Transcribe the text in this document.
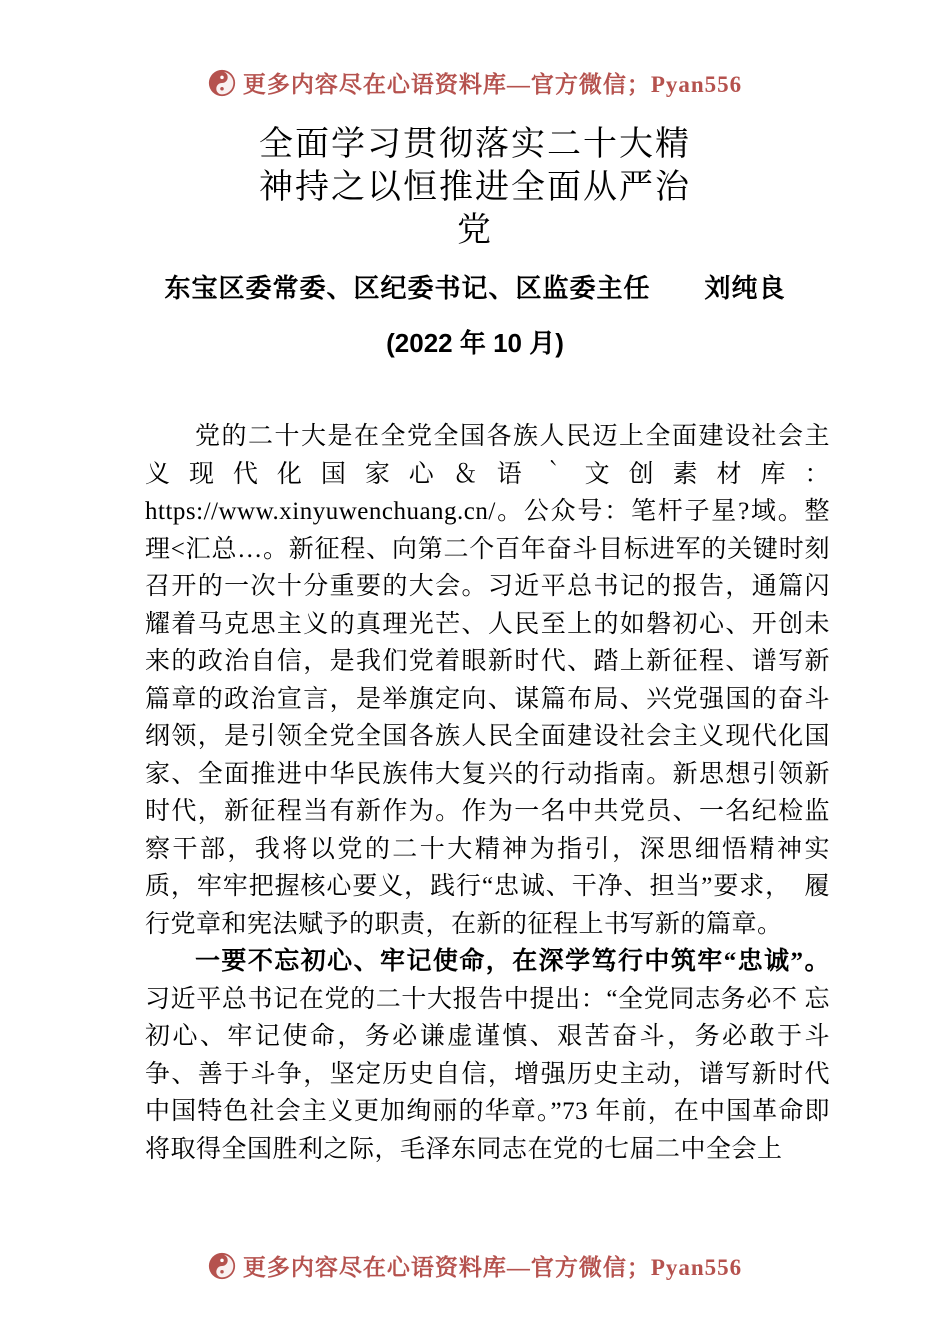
更多内容尽在心语资料库—官方微信；Pyan556
全面学习贯彻落实二十大精神持之以恒推进全面从严治党
东宝区委常委、区纪委书记、区监委主任　　刘纯良
(2022 年 10 月)

党的二十大是在全党全国各族人民迈上全面建设社会主义现代化国家心＆语｀文创素材库：https://www.xinyuwenchuang.cn/。公众号：笔杆子星?域。整理<汇总…。新征程、向第二个百年奋斗目标进军的关键时刻召开的一次十分重要的大会。习近平总书记的报告，通篇闪耀着马克思主义的真理光芒、人民至上的如磐初心、开创未来的政治自信，是我们党着眼新时代、踏上新征程、谱写新篇章的政治宣言，是举旗定向、谋篇布局、兴党强国的奋斗纲领，是引领全党全国各族人民全面建设社会主义现代化国家、全面推进中华民族伟大复兴的行动指南。新思想引领新时代，新征程当有新作为。作为一名中共党员、一名纪检监察干部，我将以党的二十大精神为指引，深思细悟精神实质，牢牢把握核心要义，践行“忠诚、干净、担当”要求，　履行党章和宪法赋予的职责，在新的征程上书写新的篇章。

一要不忘初心、牢记使命，在深学笃行中筑牢“忠诚”。习近平总书记在党的二十大报告中提出：“全党同志务必不 忘初心、牢记使命，务必谦虚谨慎、艰苦奋斗，务必敢于斗争、善于斗争，坚定历史自信，增强历史主动，谱写新时代中国特色社会主义更加绚丽的华章。”73 年前，在中国革命即将取得全国胜利之际，毛泽东同志在党的七届二中全会上

更多内容尽在心语资料库—官方微信；Pyan556
